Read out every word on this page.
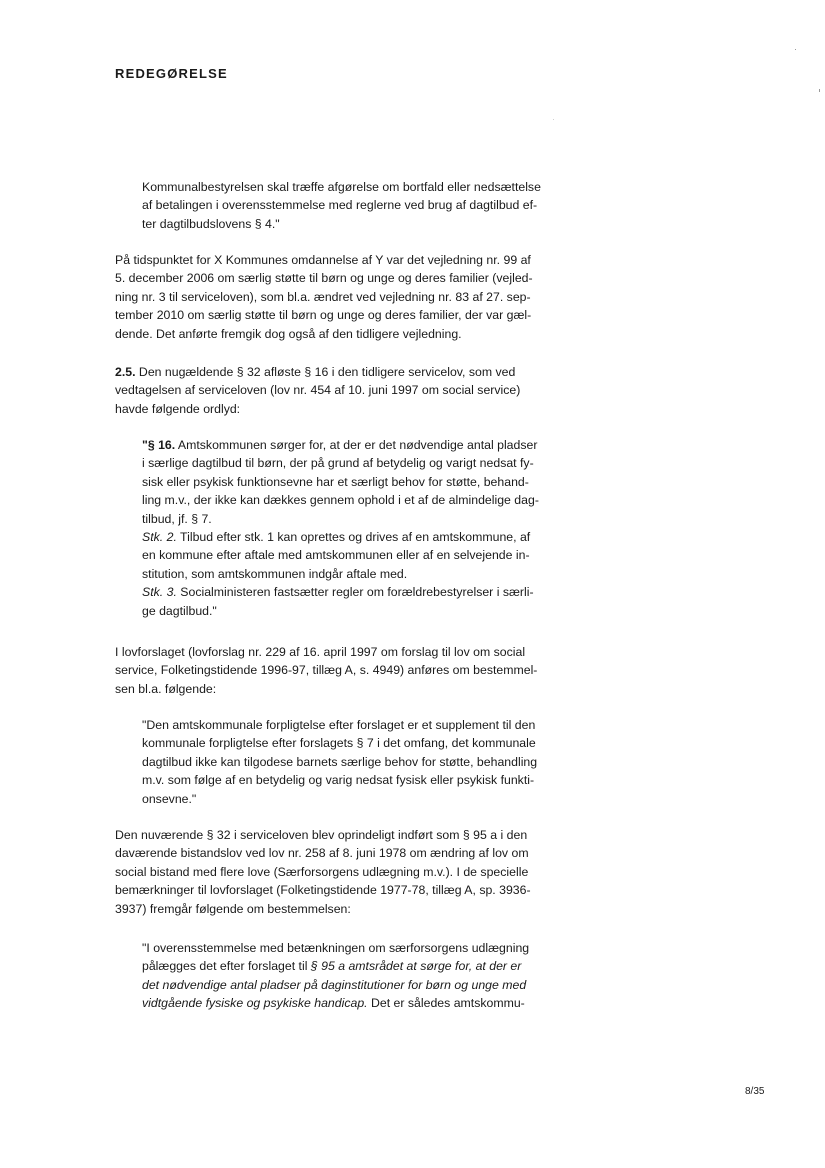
REDEGØRELSE
Kommunalbestyrelsen skal træffe afgørelse om bortfald eller nedsættelse
af betalingen i overensstemmelse med reglerne ved brug af dagtilbud ef-
ter dagtilbudslovens § 4."
På tidspunktet for X Kommunes omdannelse af Y var det vejledning nr. 99 af
5. december 2006 om særlig støtte til børn og unge og deres familier (vejled-
ning nr. 3 til serviceloven), som bl.a. ændret ved vejledning nr. 83 af 27. sep-
tember 2010 om særlig støtte til børn og unge og deres familier, der var gæl-
dende. Det anførte fremgik dog også af den tidligere vejledning.
2.5. Den nugældende § 32 afløste § 16 i den tidligere servicelov, som ved
vedtagelsen af serviceloven (lov nr. 454 af 10. juni 1997 om social service)
havde følgende ordlyd:
"§ 16. Amtskommunen sørger for, at der er det nødvendige antal pladser
i særlige dagtilbud til børn, der på grund af betydelig og varigt nedsat fy-
sisk eller psykisk funktionsevne har et særligt behov for støtte, behand-
ling m.v., der ikke kan dækkes gennem ophold i et af de almindelige dag-
tilbud, jf. § 7.
Stk. 2. Tilbud efter stk. 1 kan oprettes og drives af en amtskommune, af
en kommune efter aftale med amtskommunen eller af en selvejende in-
stitution, som amtskommunen indgår aftale med.
Stk. 3. Socialministeren fastsætter regler om forældrebestyrelser i særli-
ge dagtilbud."
I lovforslaget (lovforslag nr. 229 af 16. april 1997 om forslag til lov om social
service, Folketingstidende 1996-97, tillæg A, s. 4949) anføres om bestemmel-
sen bl.a. følgende:
"Den amtskommunale forpligtelse efter forslaget er et supplement til den
kommunale forpligtelse efter forslagets § 7 i det omfang, det kommunale
dagtilbud ikke kan tilgodese barnets særlige behov for støtte, behandling
m.v. som følge af en betydelig og varig nedsat fysisk eller psykisk funkti-
onsevne."
Den nuværende § 32 i serviceloven blev oprindeligt indført som § 95 a i den
daværende bistandslov ved lov nr. 258 af 8. juni 1978 om ændring af lov om
social bistand med flere love (Særforsorgens udlægning m.v.). I de specielle
bemærkninger til lovforslaget (Folketingstidende 1977-78, tillæg A, sp. 3936-
3937) fremgår følgende om bestemmelsen:
"I overensstemmelse med betænkningen om særforsorgens udlægning
pålægges det efter forslaget til § 95 a amtsrådet at sørge for, at der er
det nødvendige antal pladser på daginstitutioner for børn og unge med
vidtgående fysiske og psykiske handicap. Det er således amtskommu-
8/35
